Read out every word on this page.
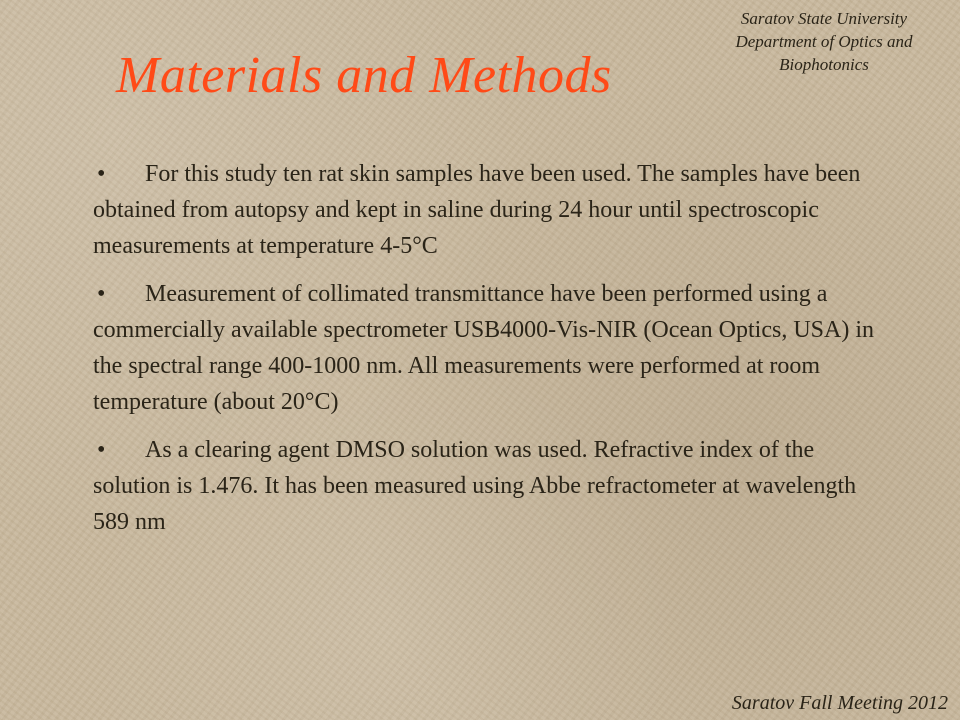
Saratov State University
Department of Optics and
Biophotonics
Materials and Methods
• For this study ten rat skin samples have been used. The samples have been obtained from autopsy and kept in saline during 24 hour until spectroscopic measurements at temperature 4-5°C
• Measurement of collimated transmittance have been performed using a commercially available spectrometer USB4000-Vis-NIR (Ocean Optics, USA) in the spectral range 400-1000 nm. All measurements were performed at room temperature (about 20°C)
• As a clearing agent DMSO solution was used. Refractive index of the solution is 1.476. It has been measured using Abbe refractometer at wavelength 589 nm
Saratov Fall Meeting 2012
